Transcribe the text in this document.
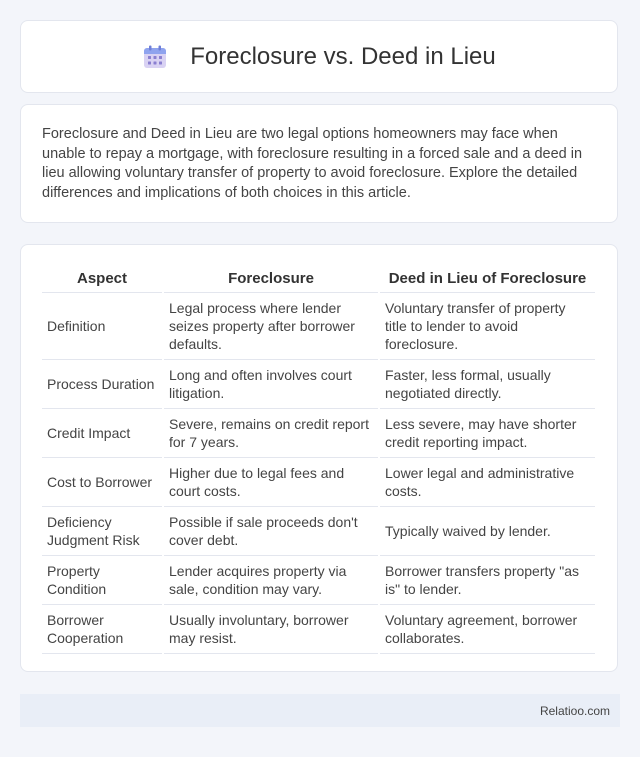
Foreclosure vs. Deed in Lieu

Foreclosure and Deed in Lieu are two legal options homeowners may face when unable to repay a mortgage, with foreclosure resulting in a forced sale and a deed in lieu allowing voluntary transfer of property to avoid foreclosure. Explore the detailed differences and implications of both choices in this article.

Aspect	Foreclosure	Deed in Lieu of Foreclosure
Definition	Legal process where lender seizes property after borrower defaults.	Voluntary transfer of property title to lender to avoid foreclosure.
Process Duration	Long and often involves court litigation.	Faster, less formal, usually negotiated directly.
Credit Impact	Severe, remains on credit report for 7 years.	Less severe, may have shorter credit reporting impact.
Cost to Borrower	Higher due to legal fees and court costs.	Lower legal and administrative costs.
Deficiency Judgment Risk	Possible if sale proceeds don't cover debt.	Typically waived by lender.
Property Condition	Lender acquires property via sale, condition may vary.	Borrower transfers property "as is" to lender.
Borrower Cooperation	Usually involuntary, borrower may resist.	Voluntary agreement, borrower collaborates.
Relatioo.com
